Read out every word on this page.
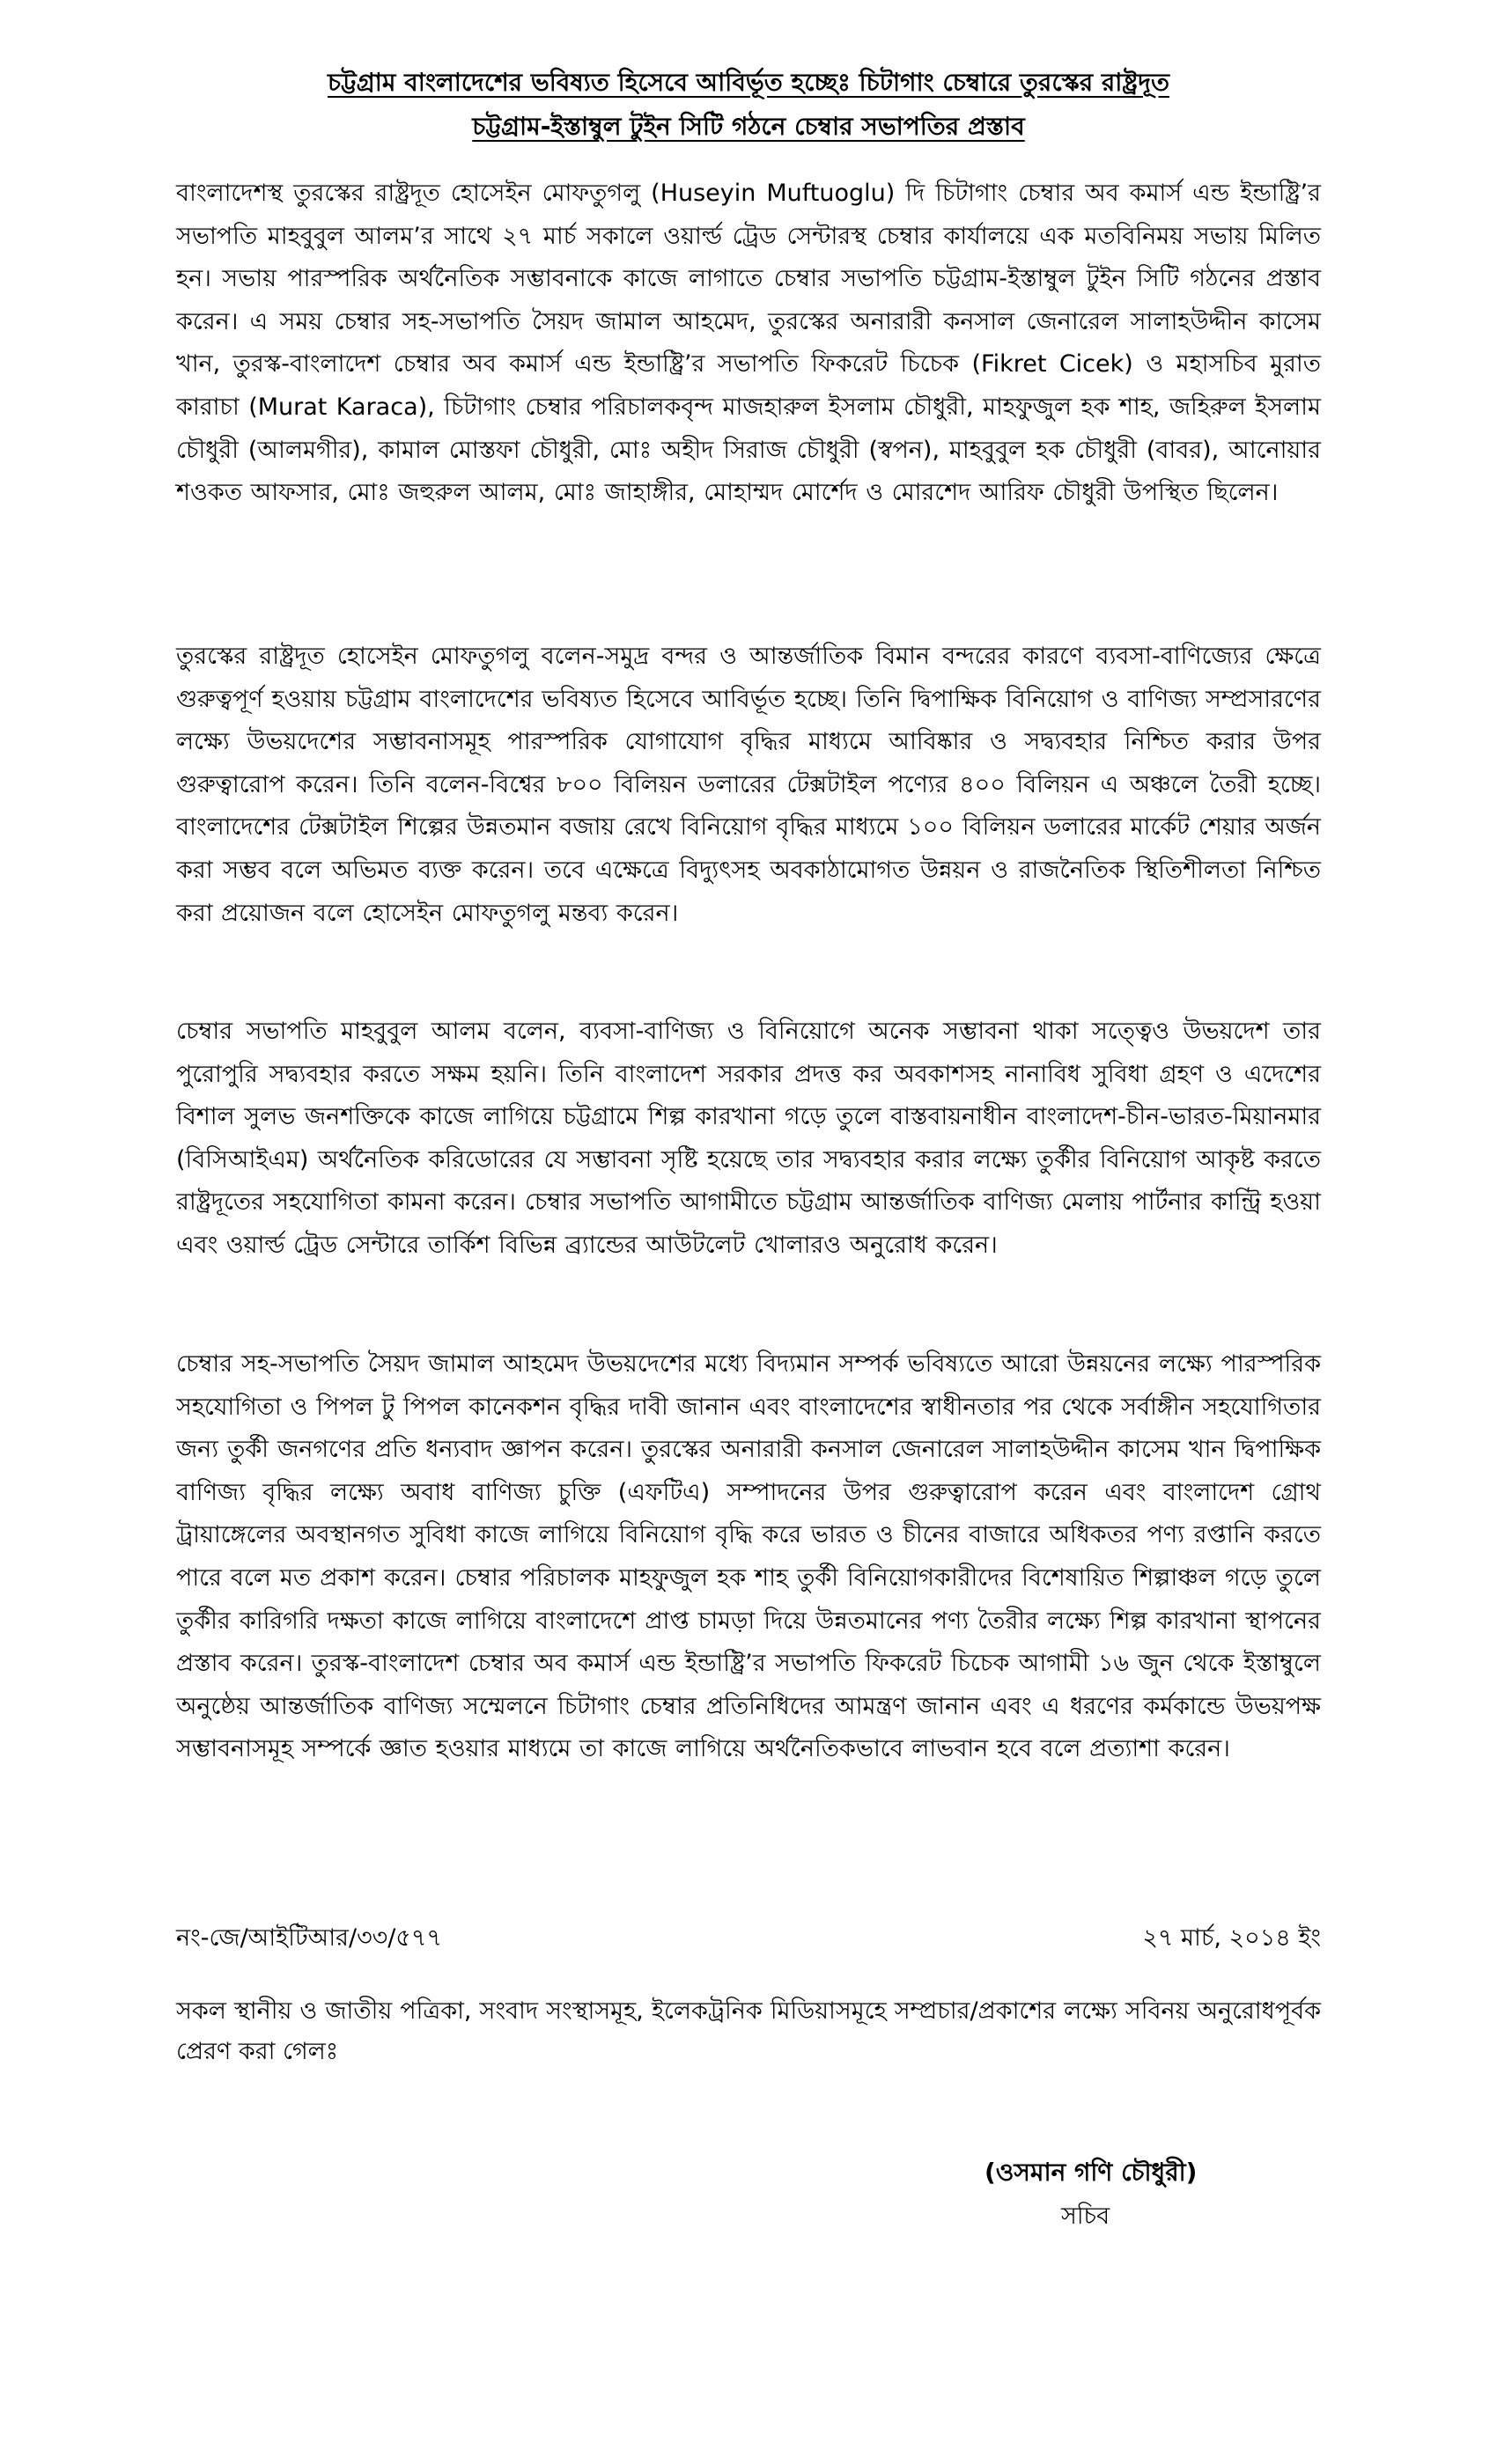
চট্টগ্রাম বাংলাদেশের ভবিষ্যত হিসেবে আবির্ভূত হচ্ছেঃ চিটাগাং চেম্বারে তুরস্কের রাষ্ট্রদূত
চট্টগ্রাম-ইস্তাম্বুল টুইন সিটি গঠনে চেম্বার সভাপতির প্রস্তাব

বাংলাদেশস্থ তুরস্কের রাষ্ট্রদূত হোসেইন মোফতুগলু (Huseyin Muftuoglu) দি চিটাগাং চেম্বার অব কমার্স এন্ড ইন্ডাষ্ট্রি’র সভাপতি মাহবুবুল আলম’র সাথে ২৭ মার্চ সকালে ওয়ার্ল্ড ট্রেড সেন্টারস্থ চেম্বার কার্যালয়ে এক মতবিনিময় সভায় মিলিত হন। সভায় পারস্পরিক অর্থনৈতিক সম্ভাবনাকে কাজে লাগাতে চেম্বার সভাপতি চট্টগ্রাম-ইস্তাম্বুল টুইন সিটি গঠনের প্রস্তাব করেন। এ সময় চেম্বার সহ-সভাপতি সৈয়দ জামাল আহমেদ, তুরস্কের অনারারী কনসাল জেনারেল সালাহউদ্দীন কাসেম খান, তুরস্ক-বাংলাদেশ চেম্বার অব কমার্স এন্ড ইন্ডাষ্ট্রি’র সভাপতি ফিকরেট চিচেক (Fikret Cicek) ও মহাসচিব মুরাত কারাচা (Murat Karaca), চিটাগাং চেম্বার পরিচালকবৃন্দ মাজহারুল ইসলাম চৌধুরী, মাহফুজুল হক শাহ, জহিরুল ইসলাম চৌধুরী (আলমগীর), কামাল মোস্তফা চৌধুরী, মোঃ অহীদ সিরাজ চৌধুরী (স্বপন), মাহবুবুল হক চৌধুরী (বাবর), আনোয়ার শওকত আফসার, মোঃ জহুরুল আলম, মোঃ জাহাঙ্গীর, মোহাম্মদ মোর্শেদ ও মোরশেদ আরিফ চৌধুরী উপস্থিত ছিলেন।

তুরস্কের রাষ্ট্রদূত হোসেইন মোফতুগলু বলেন-সমুদ্র বন্দর ও আন্তর্জাতিক বিমান বন্দরের কারণে ব্যবসা-বাণিজ্যের ক্ষেত্রে গুরুত্বপূর্ণ হওয়ায় চট্টগ্রাম বাংলাদেশের ভবিষ্যত হিসেবে আবির্ভূত হচ্ছে। তিনি দ্বিপাক্ষিক বিনিয়োগ ও বাণিজ্য সম্প্রসারণের লক্ষ্যে উভয়দেশের সম্ভাবনাসমূহ পারস্পরিক যোগাযোগ বৃদ্ধির মাধ্যমে আবিষ্কার ও সদ্ব্যবহার নিশ্চিত করার উপর গুরুত্বারোপ করেন। তিনি বলেন-বিশ্বের ৮০০ বিলিয়ন ডলারের টেক্সটাইল পণ্যের ৪০০ বিলিয়ন এ অঞ্চলে তৈরী হচ্ছে। বাংলাদেশের টেক্সটাইল শিল্পের উন্নতমান বজায় রেখে বিনিয়োগ বৃদ্ধির মাধ্যমে ১০০ বিলিয়ন ডলারের মার্কেট শেয়ার অর্জন করা সম্ভব বলে অভিমত ব্যক্ত করেন। তবে এক্ষেত্রে বিদ্যুৎসহ অবকাঠামোগত উন্নয়ন ও রাজনৈতিক স্থিতিশীলতা নিশ্চিত করা প্রয়োজন বলে হোসেইন মোফতুগলু মন্তব্য করেন।

চেম্বার সভাপতি মাহবুবুল আলম বলেন, ব্যবসা-বাণিজ্য ও বিনিয়োগে অনেক সম্ভাবনা থাকা সত্ত্বেও উভয়দেশ তার পুরোপুরি সদ্ব্যবহার করতে সক্ষম হয়নি। তিনি বাংলাদেশ সরকার প্রদত্ত কর অবকাশসহ নানাবিধ সুবিধা গ্রহণ ও এদেশের বিশাল সুলভ জনশক্তিকে কাজে লাগিয়ে চট্টগ্রামে শিল্প কারখানা গড়ে তুলে বাস্তবায়নাধীন বাংলাদেশ-চীন-ভারত-মিয়ানমার (বিসিআইএম) অর্থনৈতিক করিডোরের যে সম্ভাবনা সৃষ্টি হয়েছে তার সদ্ব্যবহার করার লক্ষ্যে তুর্কীর বিনিয়োগ আকৃষ্ট করতে রাষ্ট্রদূতের সহযোগিতা কামনা করেন। চেম্বার সভাপতি আগামীতে চট্টগ্রাম আন্তর্জাতিক বাণিজ্য মেলায় পার্টনার কান্ট্রি হওয়া এবং ওয়ার্ল্ড ট্রেড সেন্টারে তার্কিশ বিভিন্ন ব্র্যান্ডের আউটলেট খোলারও অনুরোধ করেন।

চেম্বার সহ-সভাপতি সৈয়দ জামাল আহমেদ উভয়দেশের মধ্যে বিদ্যমান সম্পর্ক ভবিষ্যতে আরো উন্নয়নের লক্ষ্যে পারস্পরিক সহযোগিতা ও পিপল টু পিপল কানেকশন বৃদ্ধির দাবী জানান এবং বাংলাদেশের স্বাধীনতার পর থেকে সর্বাঙ্গীন সহযোগিতার জন্য তুর্কী জনগণের প্রতি ধন্যবাদ জ্ঞাপন করেন। তুরস্কের অনারারী কনসাল জেনারেল সালাহউদ্দীন কাসেম খান দ্বিপাক্ষিক বাণিজ্য বৃদ্ধির লক্ষ্যে অবাধ বাণিজ্য চুক্তি (এফটিএ) সম্পাদনের উপর গুরুত্বারোপ করেন এবং বাংলাদেশ গ্রোথ ট্রায়াঙ্গেলের অবস্থানগত সুবিধা কাজে লাগিয়ে বিনিয়োগ বৃদ্ধি করে ভারত ও চীনের বাজারে অধিকতর পণ্য রপ্তানি করতে পারে বলে মত প্রকাশ করেন। চেম্বার পরিচালক মাহফুজুল হক শাহ তুর্কী বিনিয়োগকারীদের বিশেষায়িত শিল্পাঞ্চল গড়ে তুলে তুর্কীর কারিগরি দক্ষতা কাজে লাগিয়ে বাংলাদেশে প্রাপ্ত চামড়া দিয়ে উন্নতমানের পণ্য তৈরীর লক্ষ্যে শিল্প কারখানা স্থাপনের প্রস্তাব করেন। তুরস্ক-বাংলাদেশ চেম্বার অব কমার্স এন্ড ইন্ডাষ্ট্রি’র সভাপতি ফিকরেট চিচেক আগামী ১৬ জুন থেকে ইস্তাম্বুলে অনুষ্ঠেয় আন্তর্জাতিক বাণিজ্য সম্মেলনে চিটাগাং চেম্বার প্রতিনিধিদের আমন্ত্রণ জানান এবং এ ধরণের কর্মকান্ডে উভয়পক্ষ সম্ভাবনাসমূহ সম্পর্কে জ্ঞাত হওয়ার মাধ্যমে তা কাজে লাগিয়ে অর্থনৈতিকভাবে লাভবান হবে বলে প্রত্যাশা করেন।

নং-জে/আইটিআর/৩৩/৫৭৭	২৭ মার্চ, ২০১৪ ইং

সকল স্থানীয় ও জাতীয় পত্রিকা, সংবাদ সংস্থাসমূহ, ইলেকট্রনিক মিডিয়াসমূহে সম্প্রচার/প্রকাশের লক্ষ্যে সবিনয় অনুরোধপূর্বক প্রেরণ করা গেলঃ

(ওসমান গণি চৌধুরী)
সচিব
